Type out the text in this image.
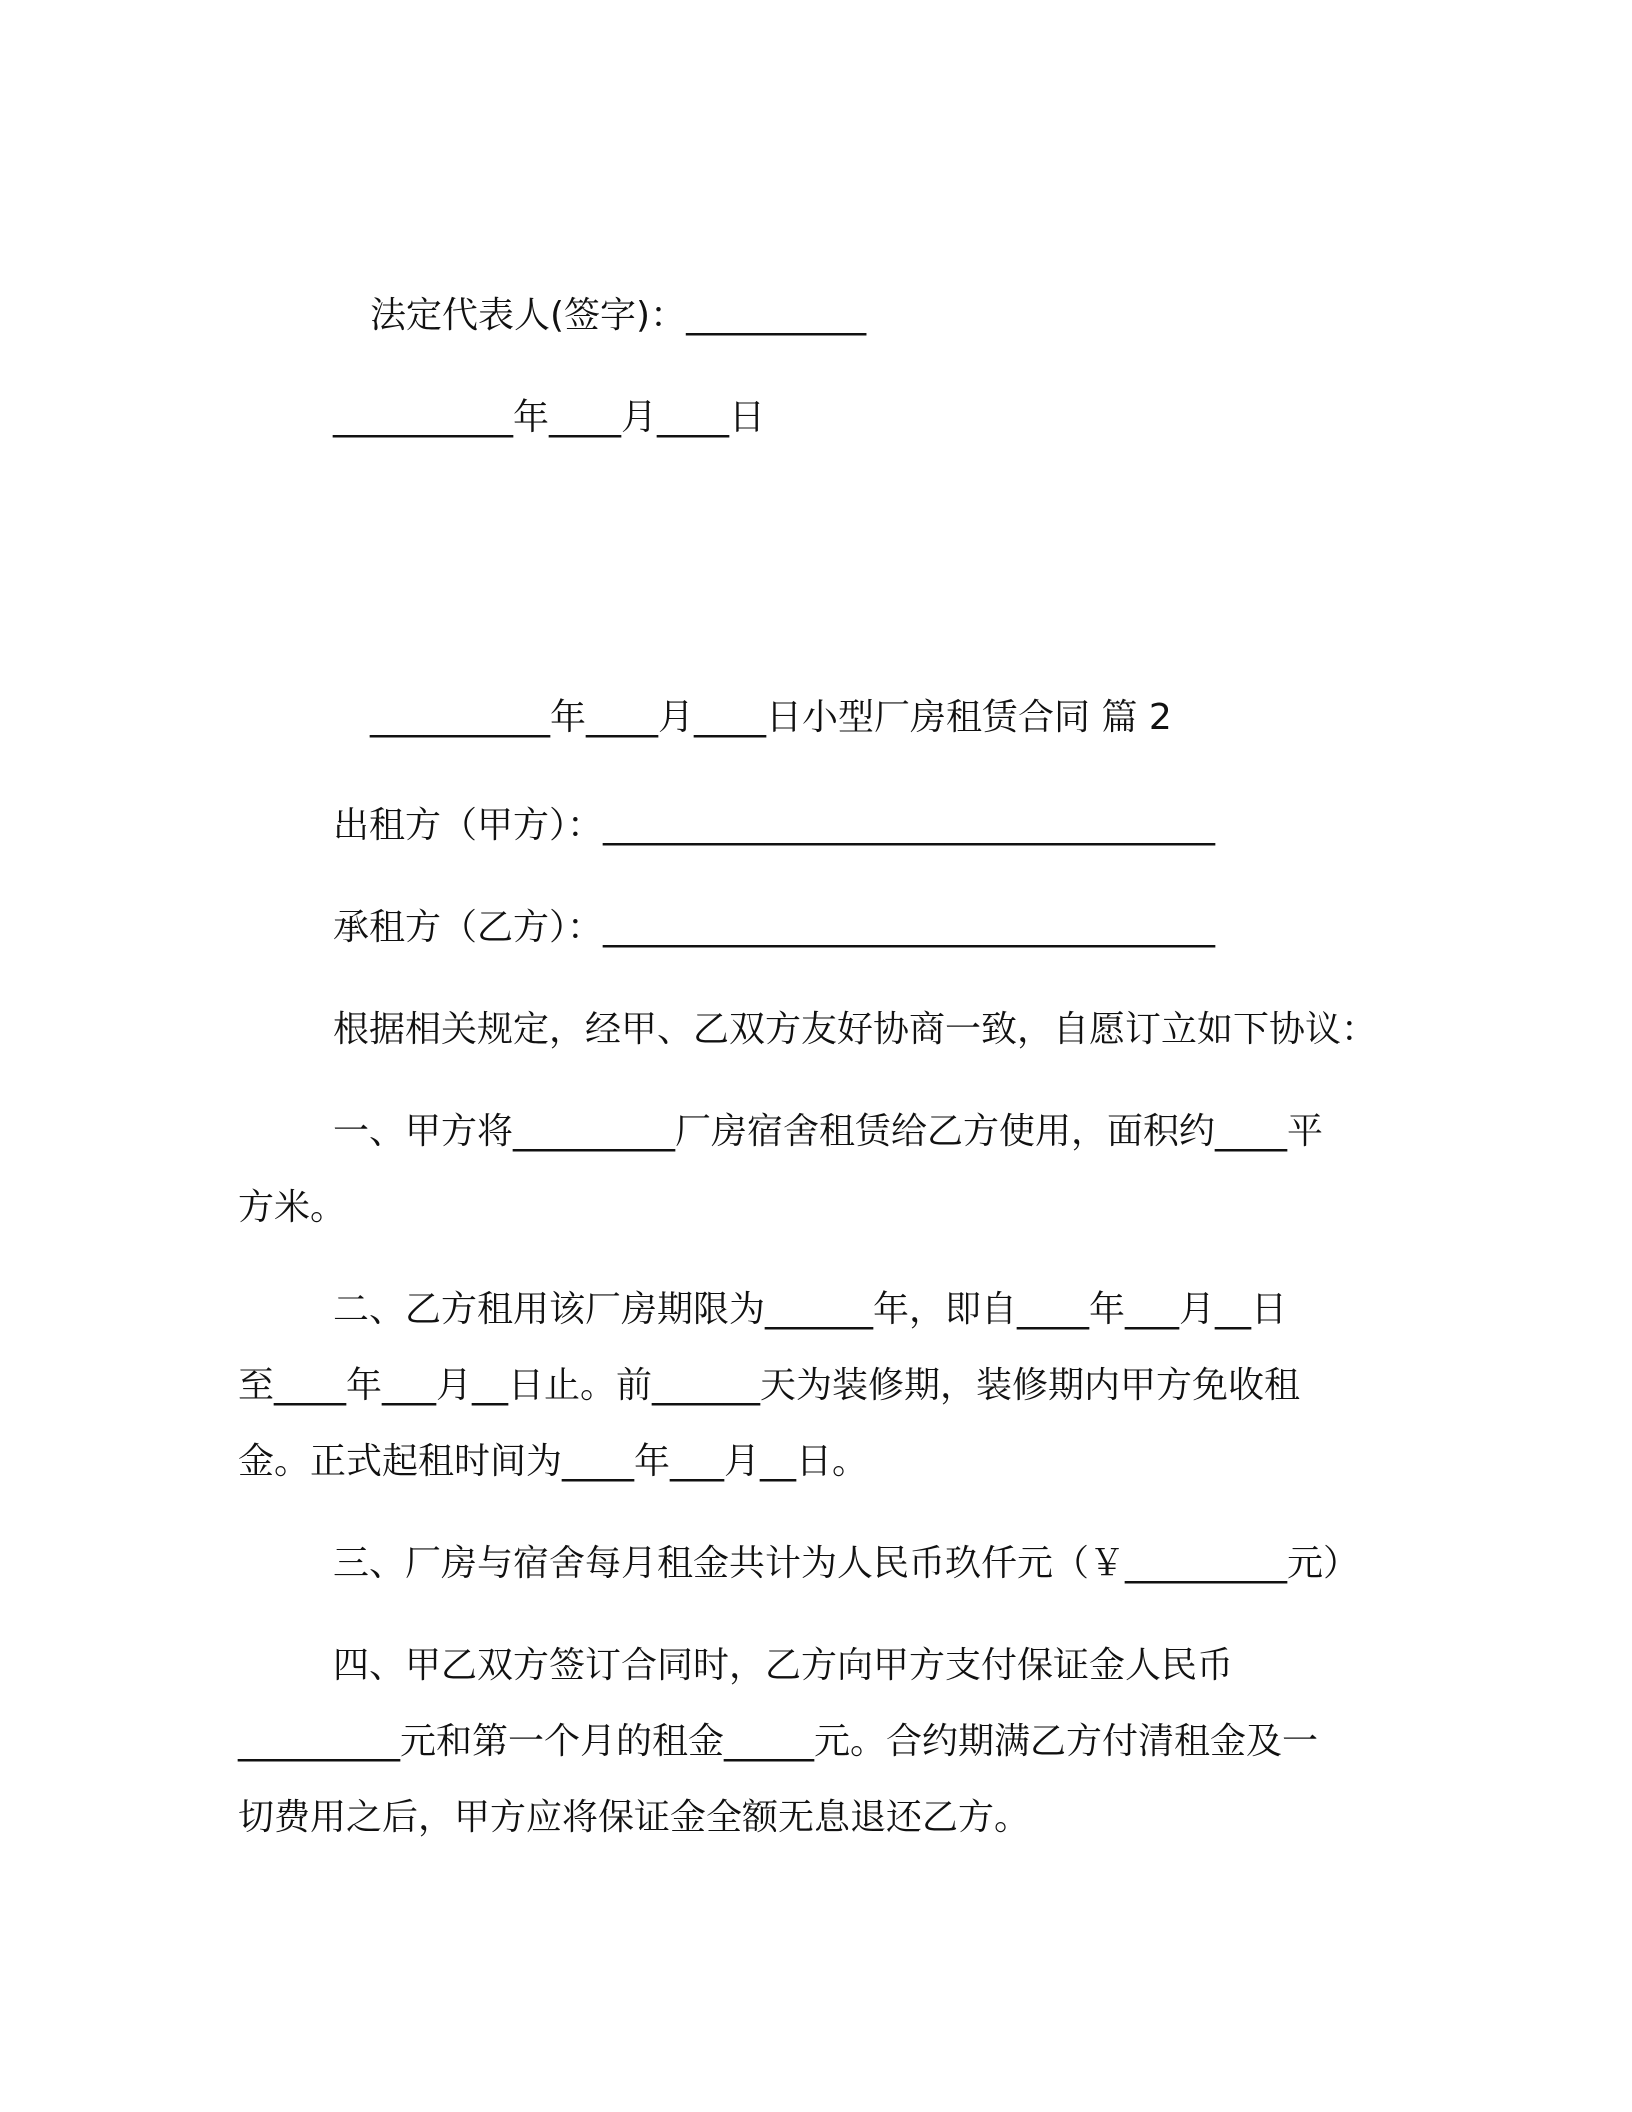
法定代表人(签字)：__________
__________年____月____日
__________年____月____日小型厂房租赁合同 篇 2
出租方（甲方）：__________________________________
承租方（乙方）：__________________________________
根据相关规定，经甲、乙双方友好协商一致，自愿订立如下协议：
一、甲方将_________厂房宿舍租赁给乙方使用，面积约____平
方米。
二、乙方租用该厂房期限为______年，即自____年___月__日
至____年___月__日止。前______天为装修期，装修期内甲方免收租
金。正式起租时间为____年___月__日。
三、厂房与宿舍每月租金共计为人民币玖仟元（￥_________元）
四、甲乙双方签订合同时，乙方向甲方支付保证金人民币
_________元和第一个月的租金_____元。合约期满乙方付清租金及一
切费用之后，甲方应将保证金全额无息退还乙方。
